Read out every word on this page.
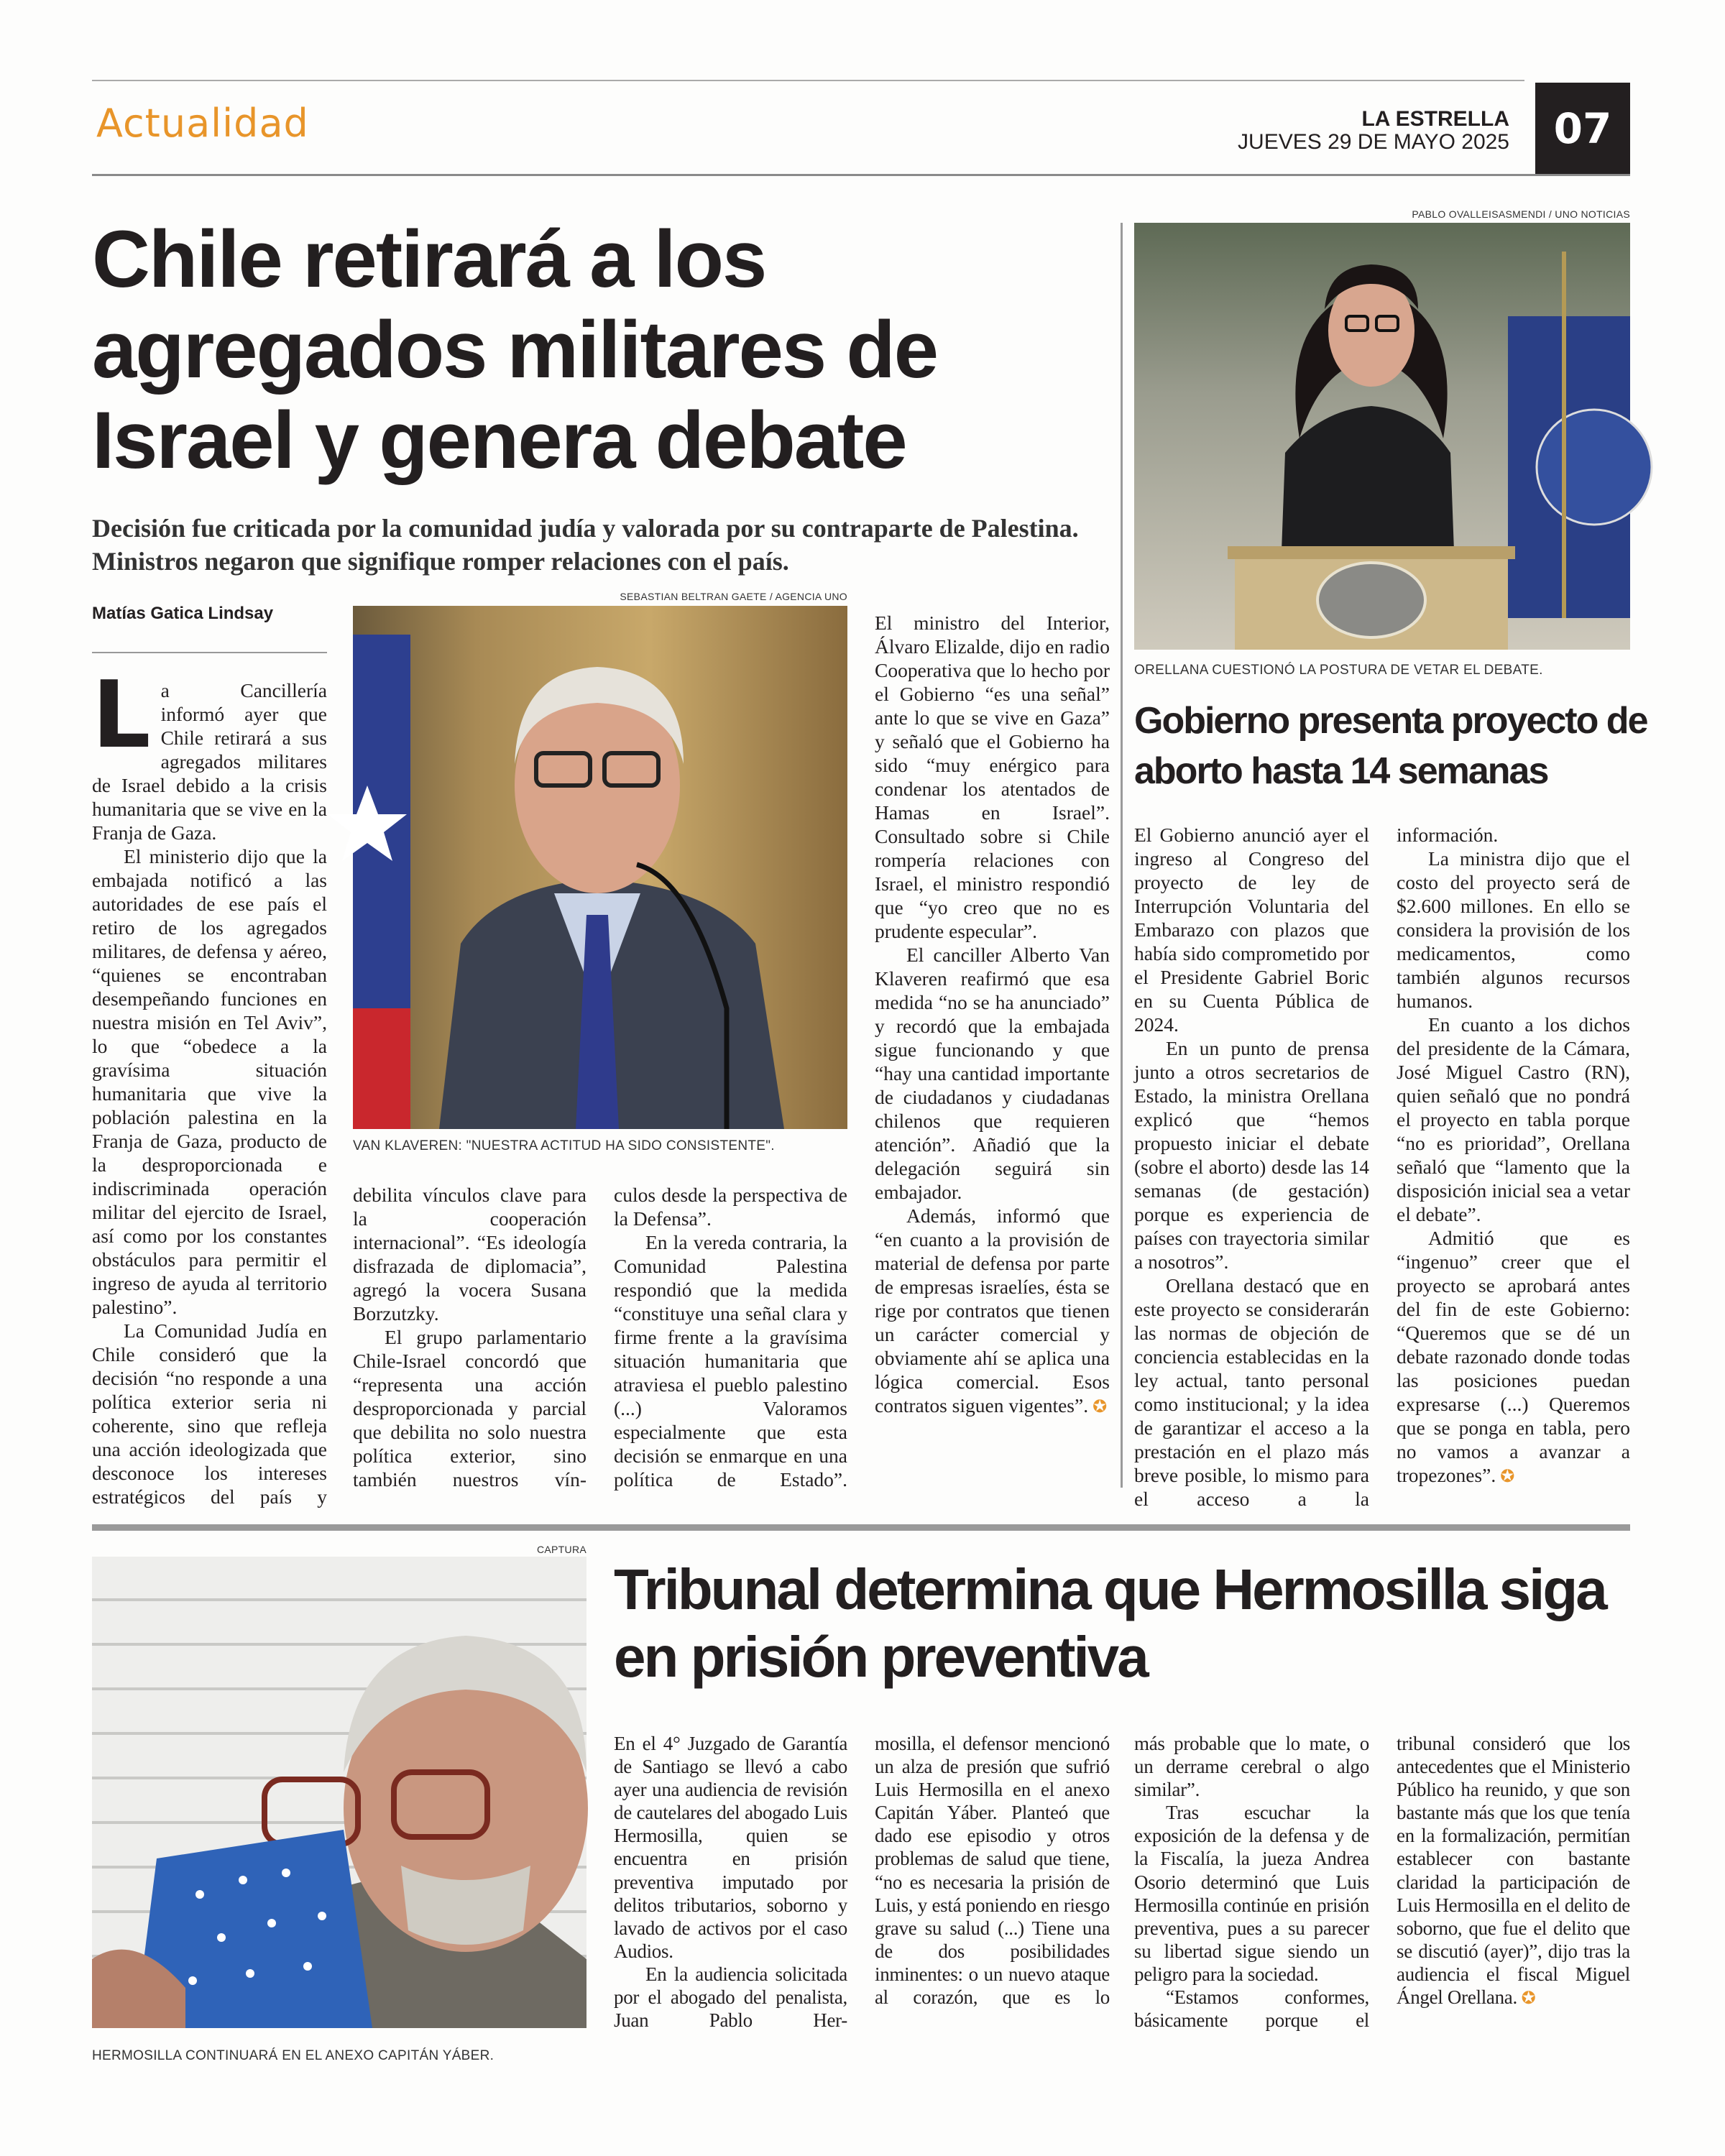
Actualidad	LA ESTRELLA
JUEVES 29 DE MAYO 2025	07
Chile retirará a los agregados militares de Israel y genera debate
Decisión fue criticada por la comunidad judía y valorada por su contraparte de Palestina. Ministros negaron que signifique romper relaciones con el país.
Matías Gatica Lindsay
SEBASTIAN BELTRAN GAETE / AGENCIA UNO
VAN KLAVEREN: "NUESTRA ACTITUD HA SIDO CONSISTENTE".

La Cancillería informó ayer que Chile retirará a sus agregados militares de Israel debido a la crisis humanitaria que se vive en la Franja de Gaza.

El ministerio dijo que la embajada notificó a las autoridades de ese país el retiro de los agregados militares, de defensa y aéreo, “quienes se encontraban desempeñando funciones en nuestra misión en Tel Aviv”, lo que “obedece a la gravísima situación humanitaria que vive la población palestina en la Franja de Gaza, producto de la desproporcionada e indiscriminada operación militar del ejercito de Israel, así como por los constantes obstáculos para permitir el ingreso de ayuda al territorio palestino”.

La Comunidad Judía en Chile consideró que la decisión “no responde a una política exterior seria ni coherente, sino que refleja una acción ideologizada que desconoce los intereses estratégicos del país y

debilita vínculos clave para la cooperación internacional”. “Es ideología disfrazada de diplomacia”, agregó la vocera Susana Borzutzky.

El grupo parlamentario Chile-Israel concordó que “representa una acción desproporcionada y parcial que debilita no solo nuestra política exterior, sino también nuestros vín-

culos desde la perspectiva de la Defensa”.

En la vereda contraria, la Comunidad Palestina respondió que la medida “constituye una señal clara y firme frente a la gravísima situación humanitaria que atraviesa el pueblo palestino (...) Valoramos especialmente que esta decisión se enmarque en una política de Estado”.

El ministro del Interior, Álvaro Elizalde, dijo en radio Cooperativa que lo hecho por el Gobierno “es una señal” ante lo que se vive en Gaza” y señaló que el Gobierno ha sido “muy enérgico para condenar los atentados de Hamas en Israel”. Consultado sobre si Chile rompería relaciones con Israel, el ministro respondió que “yo creo que no es prudente especular”.

El canciller Alberto Van Klaveren reafirmó que esa medida “no se ha anunciado” y recordó que la embajada sigue funcionando y que “hay una cantidad importante de ciudadanos y ciudadanas chilenos que requieren atención”. Añadió que la delegación seguirá sin embajador.

Además, informó que “en cuanto a la provisión de material de defensa por parte de empresas israelíes, ésta se rige por contratos que tienen un carácter comercial y obviamente ahí se aplica una lógica comercial. Esos contratos siguen vigentes”. ✪

PABLO OVALLEISASMENDI / UNO NOTICIAS
ORELLANA CUESTIONÓ LA POSTURA DE VETAR EL DEBATE.
Gobierno presenta proyecto de aborto hasta 14 semanas

El Gobierno anunció ayer el ingreso al Congreso del proyecto de ley de Interrupción Voluntaria del Embarazo con plazos que había sido comprometido por el Presidente Gabriel Boric en su Cuenta Pública de 2024.

En un punto de prensa junto a otros secretarios de Estado, la ministra Orellana explicó que “hemos propuesto iniciar el debate (sobre el aborto) desde las 14 semanas (de gestación) porque es experiencia de países con trayectoria similar a nosotros”.

Orellana destacó que en este proyecto se considerarán las normas de objeción de conciencia establecidas en la ley actual, tanto personal como institucional; y la idea de garantizar el acceso a la prestación en el plazo más breve posible, lo mismo para el acceso a la

información.

La ministra dijo que el costo del proyecto será de $2.600 millones. En ello se considera la provisión de los medicamentos, como también algunos recursos humanos.

En cuanto a los dichos del presidente de la Cámara, José Miguel Castro (RN), quien señaló que no pondrá el proyecto en tabla porque “no es prioridad”, Orellana señaló que “lamento que la disposición inicial sea a vetar el debate”.

Admitió que es “ingenuo” creer que el proyecto se aprobará antes del fin de este Gobierno: “Queremos que se dé un debate razonado donde todas las posiciones puedan expresarse (...) Queremos que se ponga en tabla, pero no vamos a avanzar a tropezones”. ✪

CAPTURA
HERMOSILLA CONTINUARÁ EN EL ANEXO CAPITÁN YÁBER.
Tribunal determina que Hermosilla siga en prisión preventiva

En el 4° Juzgado de Garantía de Santiago se llevó a cabo ayer una audiencia de revisión de cautelares del abogado Luis Hermosilla, quien se encuentra en prisión preventiva imputado por delitos tributarios, soborno y lavado de activos por el caso Audios.

En la audiencia solicitada por el abogado del penalista, Juan Pablo Her-

mosilla, el defensor mencionó un alza de presión que sufrió Luis Hermosilla en el anexo Capitán Yáber. Planteó que dado ese episodio y otros problemas de salud que tiene, “no es necesaria la prisión de Luis, y está poniendo en riesgo grave su salud (...) Tiene una de dos posibilidades inminentes: o un nuevo ataque al corazón, que es lo

más probable que lo mate, o un derrame cerebral o algo similar”.

Tras escuchar la exposición de la defensa y de la Fiscalía, la jueza Andrea Osorio determinó que Luis Hermosilla continúe en prisión preventiva, pues a su parecer su libertad sigue siendo un peligro para la sociedad.

“Estamos conformes, básicamente porque el

tribunal consideró que los antecedentes que el Ministerio Público ha reunido, y que son bastante más que los que tenía en la formalización, permitían establecer con bastante claridad la participación de Luis Hermosilla en el delito de soborno, que fue el delito que se discutió (ayer)”, dijo tras la audiencia el fiscal Miguel Ángel Orellana. ✪
